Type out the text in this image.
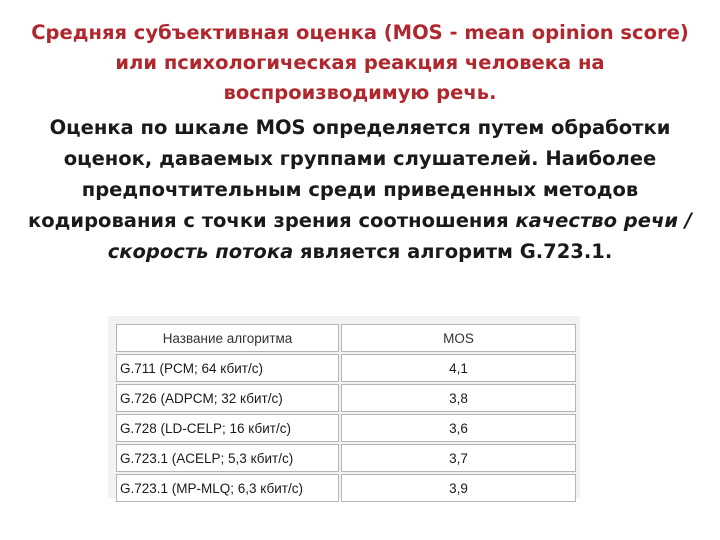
Средняя субъективная оценка (MOS - mean opinion score) или психологическая реакция человека на воспроизводимую речь.

Оценка по шкале MOS определяется путем обработки оценок, даваемых группами слушателей. Наиболее предпочтительным среди приведенных методов кодирования с точки зрения соотношения качество речи / скорость потока является алгоритм G.723.1.

Название алгоритма	MOS
G.711 (PCM; 64 кбит/с)	4,1
G.726 (ADPCM; 32 кбит/с)	3,8
G.728 (LD-CELP; 16 кбит/с)	3,6
G.723.1 (ACELP; 5,3 кбит/с)	3,7
G.723.1 (MP-MLQ; 6,3 кбит/с)	3,9
